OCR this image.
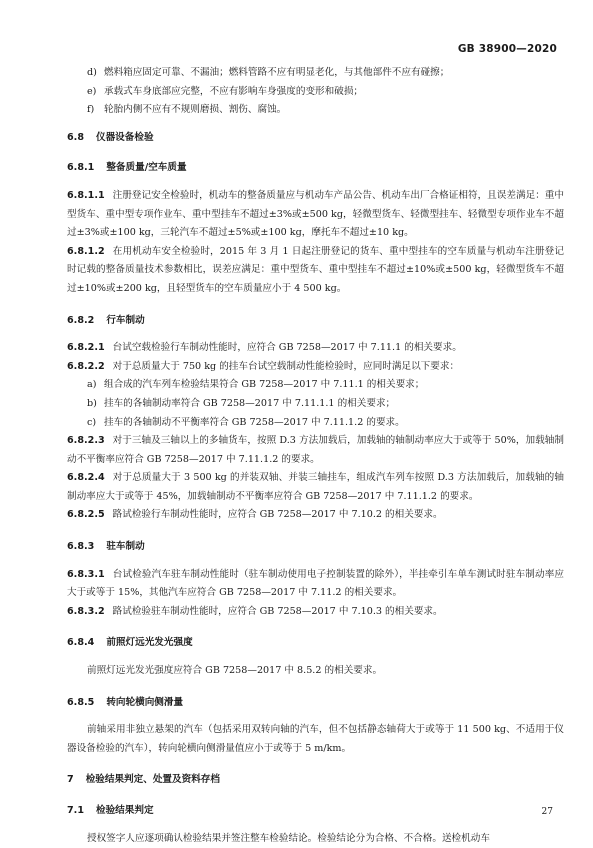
GB 38900—2020

d) 燃料箱应固定可靠、不漏油；燃料管路不应有明显老化，与其他部件不应有碰擦；

e) 承载式车身底部应完整，不应有影响车身强度的变形和破损；

f) 轮胎内侧不应有不规则磨损、割伤、腐蚀。

6.8 仪器设备检验

6.8.1 整备质量/空车质量

6.8.1.1 注册登记安全检验时，机动车的整备质量应与机动车产品公告、机动车出厂合格证相符，且误差满足：重中型货车、重中型专项作业车、重中型挂车不超过±3%或±500 kg，轻微型货车、轻微型挂车、轻微型专项作业车不超过±3%或±100 kg，三轮汽车不超过±5%或±100 kg，摩托车不超过±10 kg。

6.8.1.2 在用机动车安全检验时，2015 年 3 月 1 日起注册登记的货车、重中型挂车的空车质量与机动车注册登记时记载的整备质量技术参数相比，误差应满足：重中型货车、重中型挂车不超过±10%或±500 kg，轻微型货车不超过±10%或±200 kg，且轻型货车的空车质量应小于 4 500 kg。

6.8.2 行车制动

6.8.2.1 台试空载检验行车制动性能时，应符合 GB 7258—2017 中 7.11.1 的相关要求。

6.8.2.2 对于总质量大于 750 kg 的挂车台试空载制动性能检验时，应同时满足以下要求：

a) 组合成的汽车列车检验结果符合 GB 7258—2017 中 7.11.1 的相关要求；

b) 挂车的各轴制动率符合 GB 7258—2017 中 7.11.1.1 的相关要求；

c) 挂车的各轴制动不平衡率符合 GB 7258—2017 中 7.11.1.2 的要求。

6.8.2.3 对于三轴及三轴以上的多轴货车，按照 D.3 方法加载后，加载轴的轴制动率应大于或等于 50%，加载轴制动不平衡率应符合 GB 7258—2017 中 7.11.1.2 的要求。

6.8.2.4 对于总质量大于 3 500 kg 的并装双轴、并装三轴挂车，组成汽车列车按照 D.3 方法加载后，加载轴的轴制动率应大于或等于 45%，加载轴制动不平衡率应符合 GB 7258—2017 中 7.11.1.2 的要求。

6.8.2.5 路试检验行车制动性能时，应符合 GB 7258—2017 中 7.10.2 的相关要求。

6.8.3 驻车制动

6.8.3.1 台试检验汽车驻车制动性能时（驻车制动使用电子控制装置的除外），半挂牵引车单车测试时驻车制动率应大于或等于 15%，其他汽车应符合 GB 7258—2017 中 7.11.2 的相关要求。

6.8.3.2 路试检验驻车制动性能时，应符合 GB 7258—2017 中 7.10.3 的相关要求。

6.8.4 前照灯远光发光强度

前照灯远光发光强度应符合 GB 7258—2017 中 8.5.2 的相关要求。

6.8.5 转向轮横向侧滑量

前轴采用非独立悬架的汽车（包括采用双转向轴的汽车，但不包括静态轴荷大于或等于 11 500 kg、不适用于仪器设备检验的汽车），转向轮横向侧滑量值应小于或等于 5 m/km。

7 检验结果判定、处置及资料存档

7.1 检验结果判定

授权签字人应逐项确认检验结果并签注整车检验结论。检验结论分为合格、不合格。送检机动车

27
